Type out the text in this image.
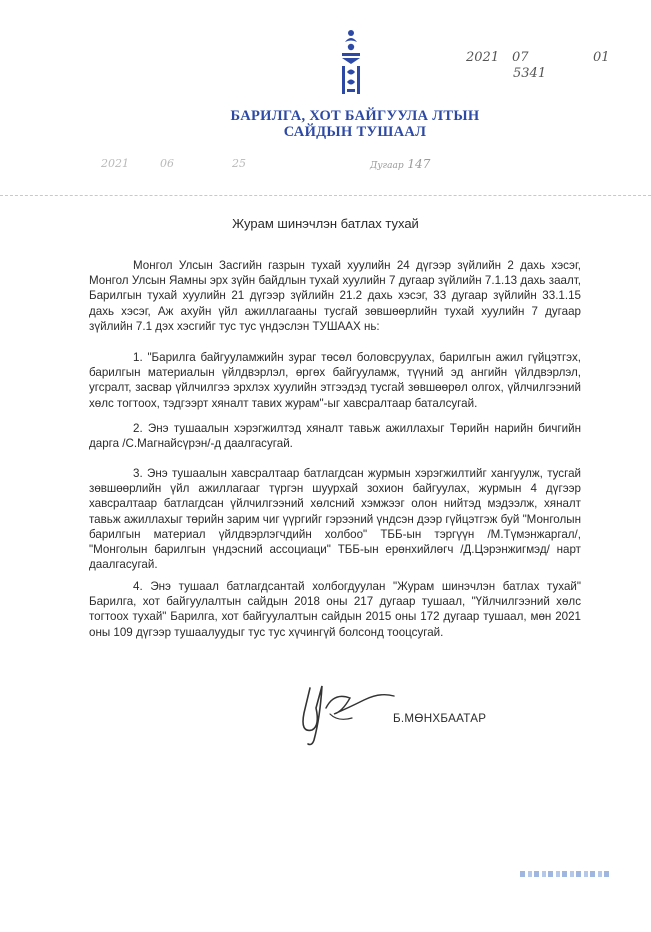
2021 07	01
5341
БАРИЛГА, ХОТ БАЙГУУЛА ЛТЫН
САЙДЫН ТУШААЛ
2021	06	25	Дугаар 147
Журам шинэчлэн батлах тухай

Монгол Улсын Засгийн газрын тухай хуулийн 24 дүгээр зүйлийн 2 дахь хэсэг, Монгол Улсын Яамны эрх зүйн байдлын тухай хуулийн 7 дугаар зүйлийн 7.1.13 дахь заалт, Барилгын тухай хуулийн 21 дүгээр зүйлийн 21.2 дахь хэсэг, 33 дугаар зүйлийн 33.1.15 дахь хэсэг, Аж ахуйн үйл ажиллагааны тусгай зөвшөөрлийн тухай хуулийн 7 дугаар зүйлийн 7.1 дэх хэсгийг тус тус үндэслэн ТУШААХ нь:

1. "Барилга байгууламжийн зураг төсөл боловсруулах, барилгын ажил гүйцэтгэх, барилгын материалын үйлдвэрлэл, өргөх байгууламж, түүний эд ангийн үйлдвэрлэл, угсралт, засвар үйлчилгээ эрхлэх хуулийн этгээдэд тусгай зөвшөөрөл олгох, үйлчилгээний хөлс тогтоох, тэдгээрт хяналт тавих журам"-ыг хавсралтаар баталсугай.

2. Энэ тушаалын хэрэгжилтэд хяналт тавьж ажиллахыг Төрийн нарийн бичгийн дарга /С.Магнайсүрэн/-д даалгасугай.

3. Энэ тушаалын хавсралтаар батлагдсан журмын хэрэгжилтийг хангуулж, тусгай зөвшөөрлийн үйл ажиллагааг түргэн шуурхай зохион байгуулах, журмын 4 дүгээр хавсралтаар батлагдсан үйлчилгээний хөлсний хэмжээг олон нийтэд мэдээлж, хяналт тавьж ажиллахыг төрийн зарим чиг үүргийг гэрээний үндсэн дээр гүйцэтгэж буй "Монголын барилгын материал үйлдвэрлэгчдийн холбоо" ТББ-ын тэргүүн /М.Түмэнжаргал/, "Монголын барилгын үндэсний ассоциаци" ТББ-ын ерөнхийлөгч /Д.Цэрэнжигмэд/ нарт даалгасугай.

4. Энэ тушаал батлагдсантай холбогдуулан "Журам шинэчлэн батлах тухай" Барилга, хот байгуулалтын сайдын 2018 оны 217 дугаар тушаал, "Үйлчилгээний хөлс тогтоох тухай" Барилга, хот байгуулалтын сайдын 2015 оны 172 дугаар тушаал, мөн 2021 оны 109 дүгээр тушаалуудыг тус тус хүчингүй болсонд тооцсугай.

Б.МӨНХБААТАР
